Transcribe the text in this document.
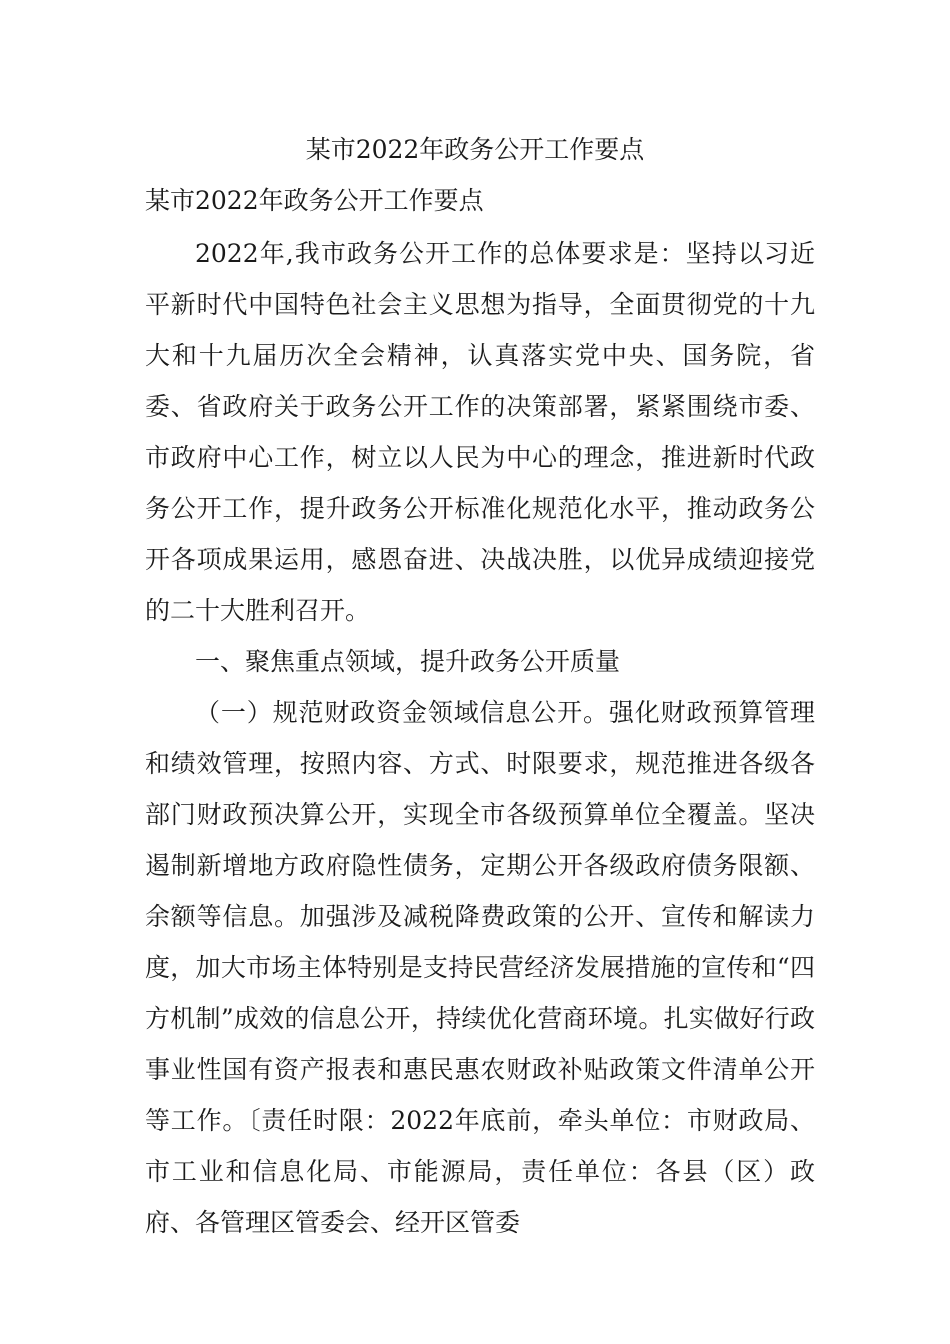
某市2022年政务公开工作要点
某市2022年政务公开工作要点

2022年,我市政务公开工作的总体要求是：坚持以习近平新时代中国特色社会主义思想为指导，全面贯彻党的十九大和十九届历次全会精神，认真落实党中央、国务院，省委、省政府关于政务公开工作的决策部署，紧紧围绕市委、市政府中心工作，树立以人民为中心的理念，推进新时代政务公开工作，提升政务公开标准化规范化水平，推动政务公开各项成果运用，感恩奋进、决战决胜，以优异成绩迎接党的二十大胜利召开。

一、聚焦重点领域，提升政务公开质量

（一）规范财政资金领域信息公开。强化财政预算管理和绩效管理，按照内容、方式、时限要求，规范推进各级各部门财政预决算公开，实现全市各级预算单位全覆盖。坚决遏制新增地方政府隐性债务，定期公开各级政府债务限额、余额等信息。加强涉及减税降费政策的公开、宣传和解读力度，加大市场主体特别是支持民营经济发展措施的宣传和“四方机制”成效的信息公开，持续优化营商环境。扎实做好行政事业性国有资产报表和惠民惠农财政补贴政策文件清单公开等工作。〔责任时限：2022年底前，牵头单位：市财政局、市工业和信息化局、市能源局，责任单位：各县（区）政府、各管理区管委会、经开区管委
